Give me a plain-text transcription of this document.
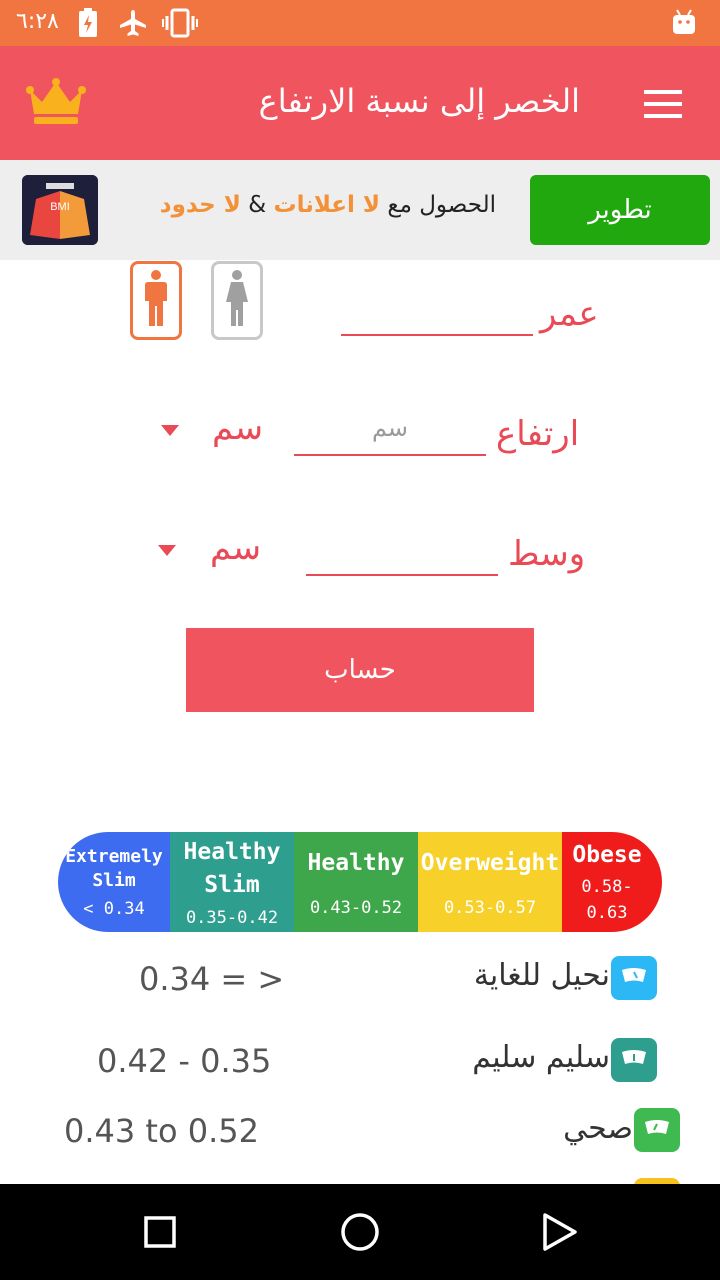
٦:٢٨
الخصر إلى نسبة الارتفاع
BMI	الحصول مع لا اعلانات & لا حدود	تطوير
عمر
ارتفاع
سم
سم
وسط
سم
حساب
Extremely
Slim
< 0.34
Healthy
Slim
0.35-0.42
Healthy
0.43-0.52
Overweight
0.53-0.57
Obese
0.58-
0.63
نحيل للغاية
0.34 = >
سليم سليم
0.42 - 0.35
صحي
0.43 to 0.52
